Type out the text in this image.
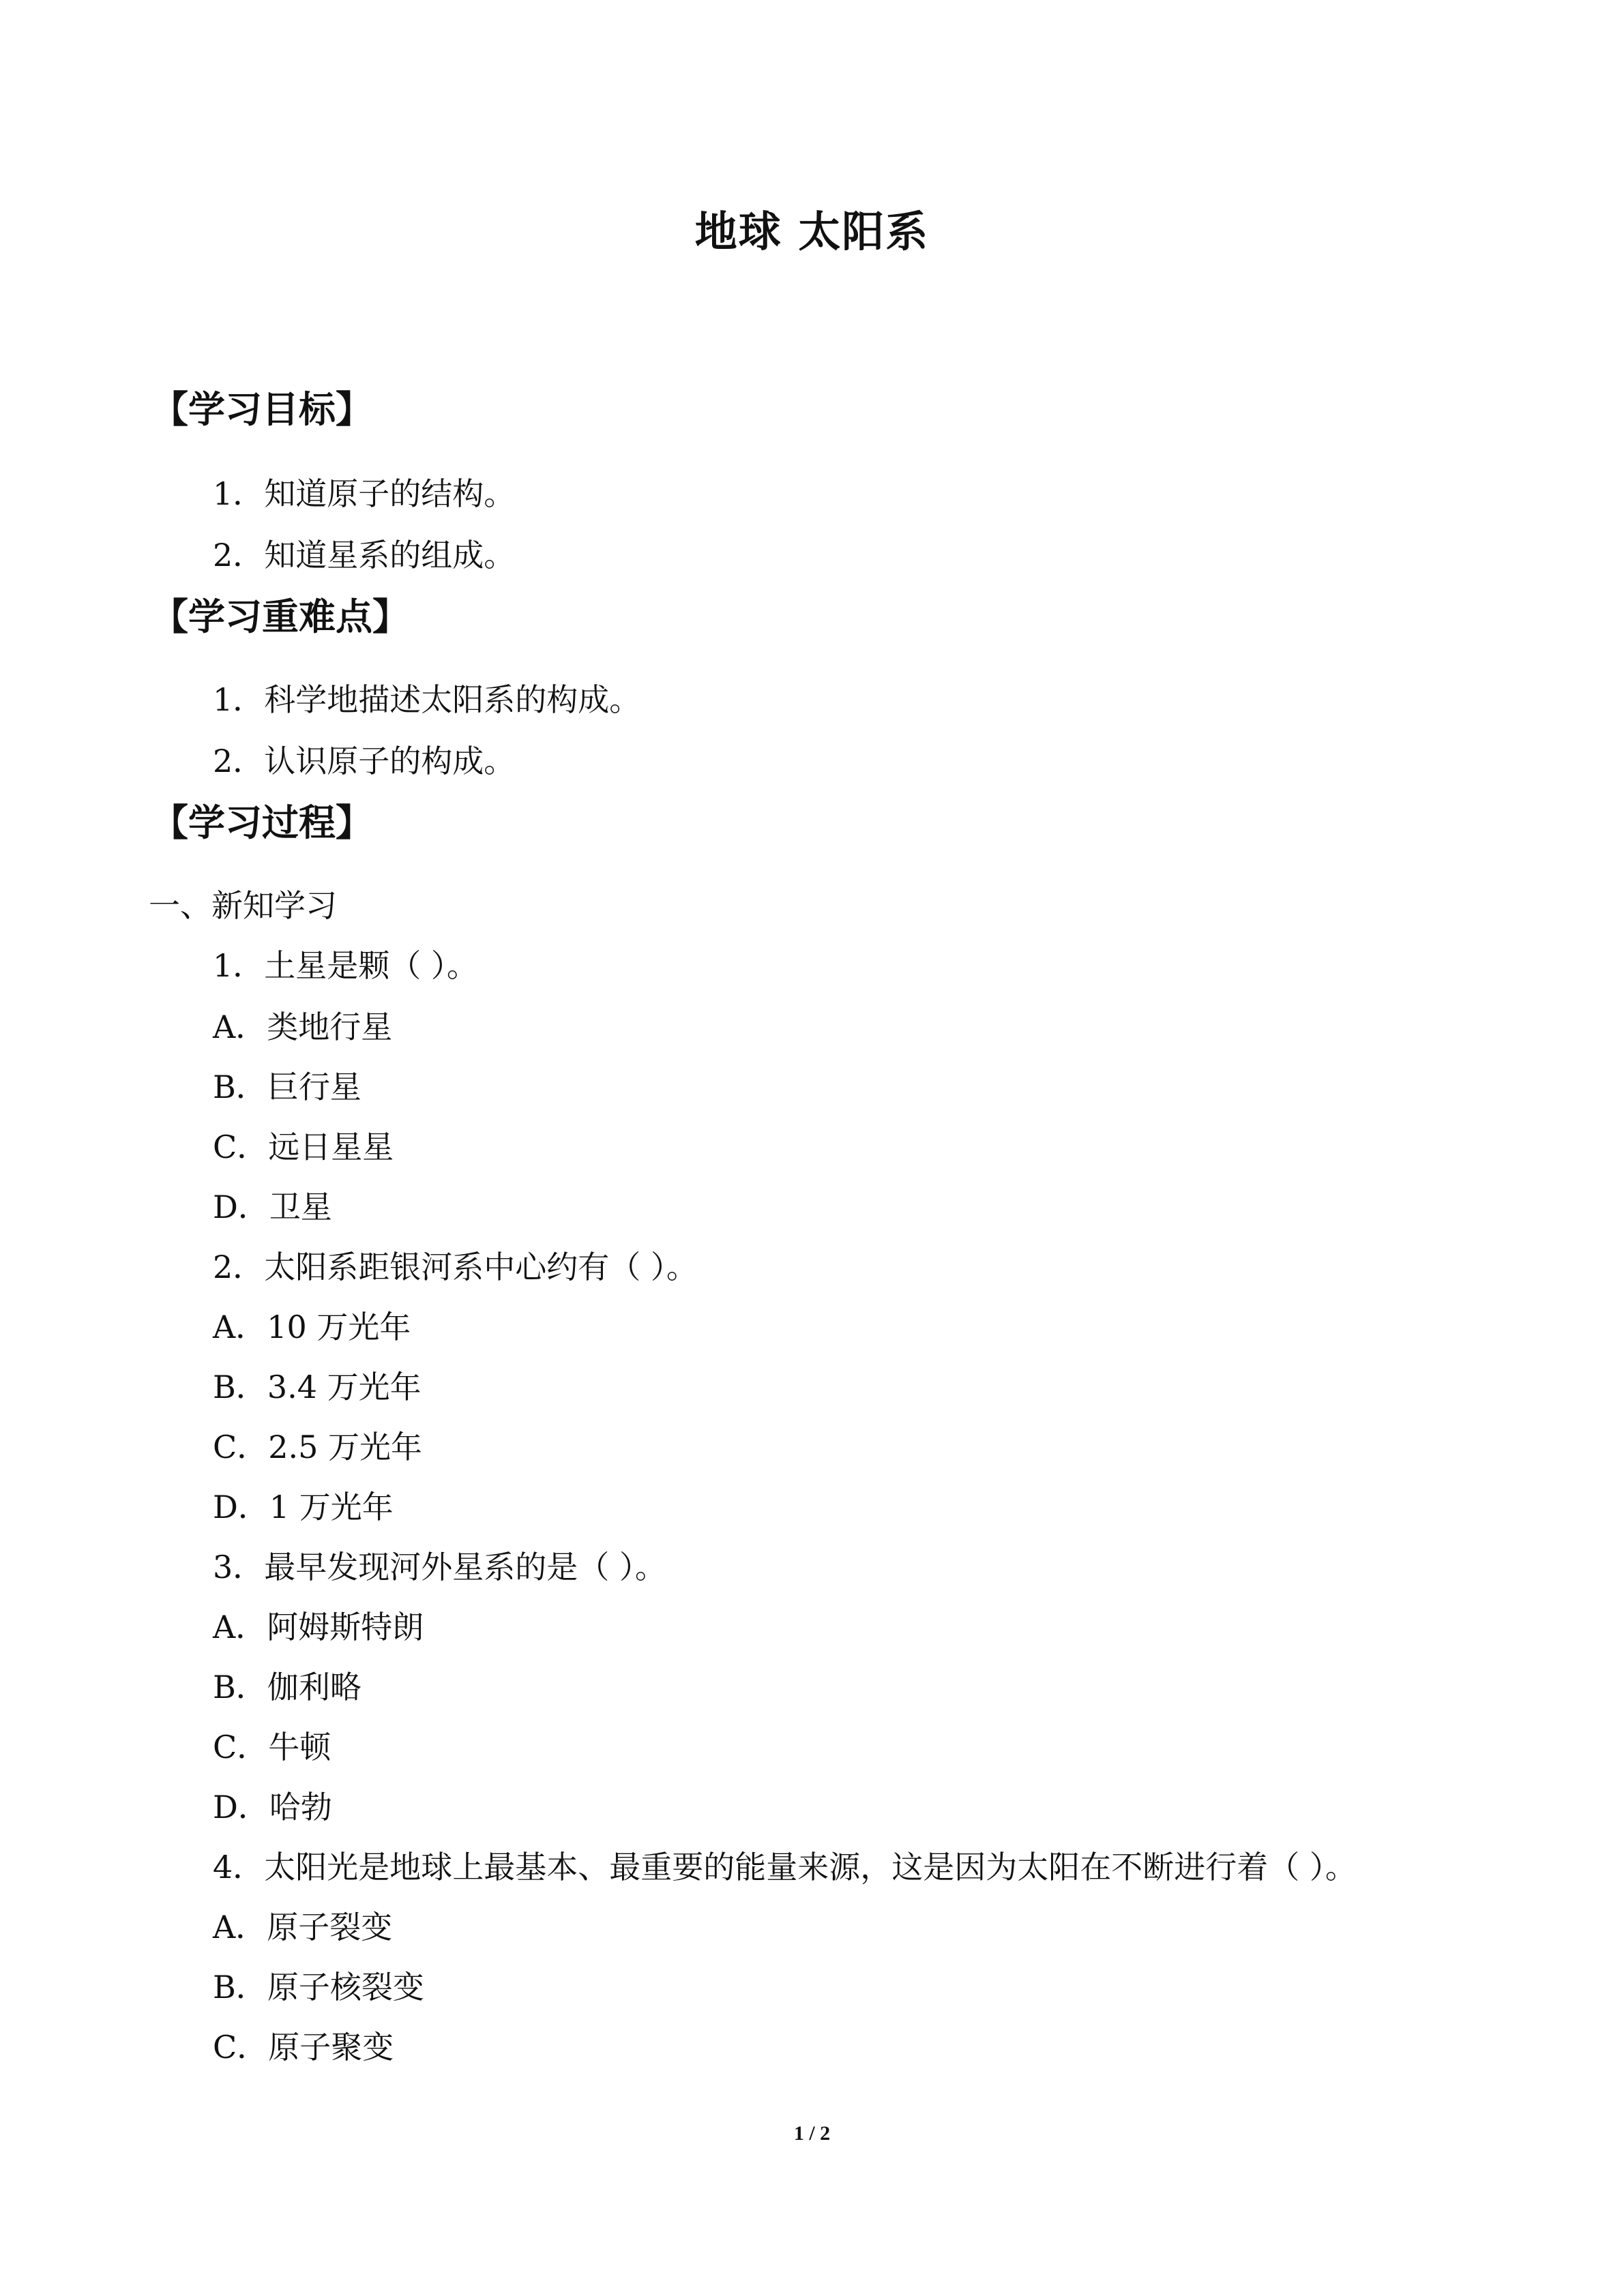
地球 太阳系
【学习目标】
1．知道原子的结构。
2．知道星系的组成。
【学习重难点】
1．科学地描述太阳系的构成。
2．认识原子的构成。
【学习过程】
一、新知学习
1．土星是颗（ ）。
A．类地行星
B．巨行星
C．远日星星
D．卫星
2．太阳系距银河系中心约有（ ）。
A．10 万光年
B．3.4 万光年
C．2.5 万光年
D．1 万光年
3．最早发现河外星系的是（ ）。
A．阿姆斯特朗
B．伽利略
C．牛顿
D．哈勃
4．太阳光是地球上最基本、最重要的能量来源，这是因为太阳在不断进行着（ ）。
A．原子裂变
B．原子核裂变
C．原子聚变
1 / 2
